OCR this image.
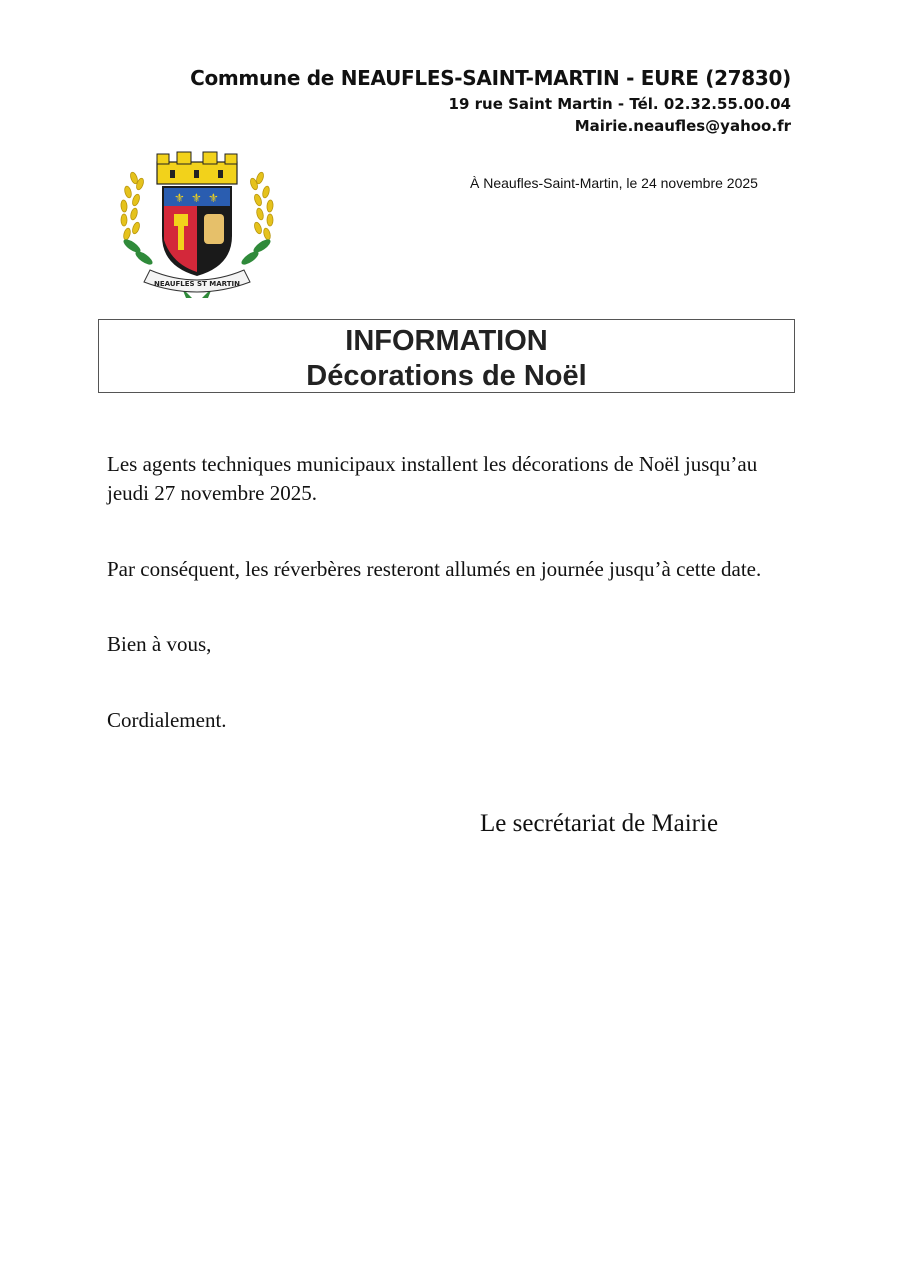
Commune de NEAUFLES-SAINT-MARTIN - EURE (27830)
19 rue Saint Martin - Tél. 02.32.55.00.04
Mairie.neaufles@yahoo.fr
⚜ ⚜ ⚜
NEAUFLES ST MARTIN
À Neaufles-Saint-Martin, le 24 novembre 2025
INFORMATION
Décorations de Noël
Les agents techniques municipaux installent les décorations de Noël jusqu’au jeudi 27 novembre 2025.
Par conséquent, les réverbères resteront allumés en journée jusqu’à cette date.
Bien à vous,
Cordialement.
Le secrétariat de Mairie
